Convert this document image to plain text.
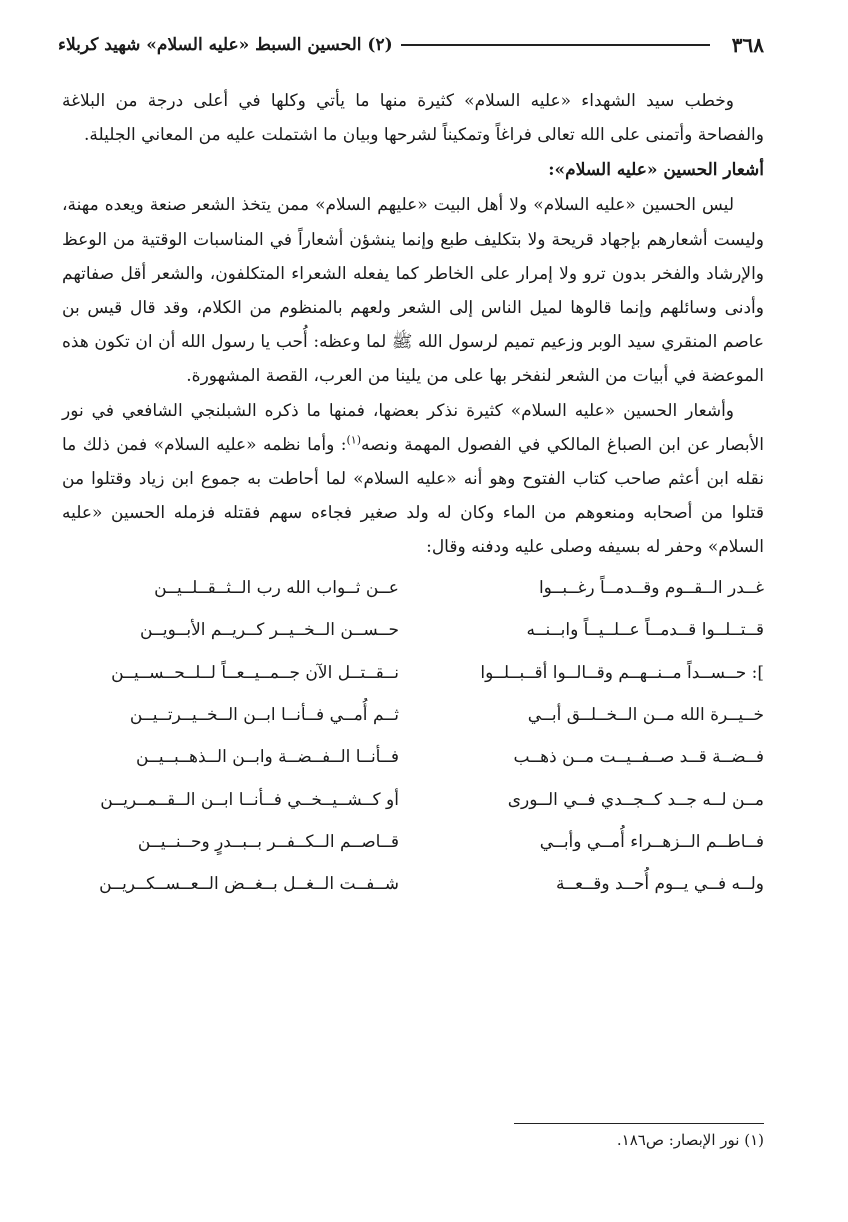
٣٦٨
(٢) الحسين السبط «عليه السلام» شهيد كربلاء

وخطب سيد الشهداء «عليه السلام» كثيرة منها ما يأتي وكلها في أعلى درجة من البلاغة والفصاحة وأتمنى على الله تعالى فراغاً وتمكيناً لشرحها وبيان ما اشتملت عليه من المعاني الجليلة.

أشعار الحسين «عليه السلام»:

ليس الحسين «عليه السلام» ولا أهل البيت «عليهم السلام» ممن يتخذ الشعر صنعة ويعده مهنة، وليست أشعارهم بإجهاد قريحة ولا بتكليف طبع وإنما ينشؤن أشعاراً في المناسبات الوقتية من الوعظ والإرشاد والفخر بدون ترو ولا إمرار على الخاطر كما يفعله الشعراء المتكلفون، والشعر أقل صفاتهم وأدنى وسائلهم وإنما قالوها لميل الناس إلى الشعر ولعهم بالمنظوم من الكلام، وقد قال قيس بن عاصم المنقري سيد الوبر وزعيم تميم لرسول الله ﷺ لما وعظه: أُحب يا رسول الله أن ان تكون هذه الموعضة في أبيات من الشعر لنفخر بها على من يلينا من العرب، القصة المشهورة.

وأشعار الحسين «عليه السلام» كثيرة نذكر بعضها، فمنها ما ذكره الشبلنجي الشافعي في نور الأبصار عن ابن الصباغ المالكي في الفصول المهمة ونصه$^{(١)}$: وأما نظمه «عليه السلام» فمن ذلك ما نقله ابن أعثم صاحب كتاب الفتوح وهو أنه «عليه السلام» لما أحاطت به جموع ابن زياد وقتلوا من قتلوا من أصحابه ومنعوهم من الماء وكان له ولد صغير فجاءه سهم فقتله فزمله الحسين «عليه السلام» وحفر له بسيفه وصلى عليه ودفنه وقال:

غــدر الــقــوم وقــدمــاً رغــبــوا
عــن ثــواب الله رب الــثــقــلــيــن
قــتــلــوا قــدمــاً عــلــيــاً وابــنــه
حــســن الــخــيــر كــريــم الأبــويــن
]: حــســداً مــنــهــم وقــالــوا أقــبــلــوا
نــقــتــل الآن جــمــيــعــاً لــلــحــســيــن
خــيــرة الله مــن الــخــلــق أبــي
ثــم أُمــي فــأنــا ابــن الــخــيــرتــيــن
فــضــة قــد صــفــيــت مــن ذهــب
فــأنــا الــفــضــة وابــن الــذهــبــيــن
مــن لــه جــد كــجــدي فــي الــورى
أو كــشــيــخــي فــأنــا ابــن الــقــمــريــن
فــاطــم الــزهــراء أُمــي وأبــي
قــاصــم الــكــفــر بــبــدرٍ وحــنــيــن
ولــه فــي يــوم أُحــد وقــعــة
شــفــت الــغــل بــغــض الــعــســكــريــن
(١) نور الإبصار: ص١٨٦.
